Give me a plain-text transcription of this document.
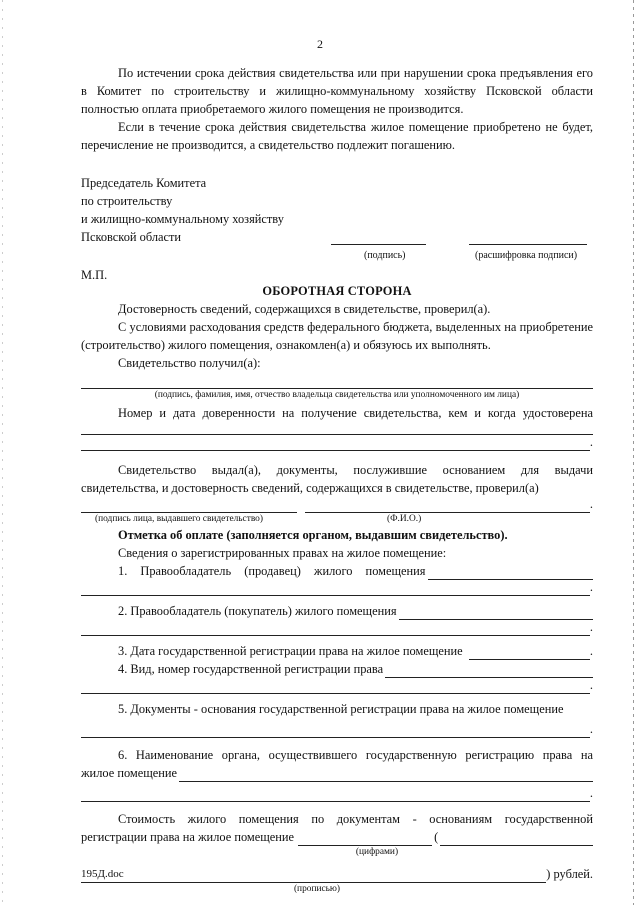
2

По истечении срока действия свидетельства или при нарушении срока предъявления его в Комитет по строительству и жилищно-коммунальному хозяйству Псковской области полностью оплата приобретаемого жилого помещения не производится.

Если в течение срока действия свидетельства жилое помещение приобретено не будет, перечисление не производится, а свидетельство подлежит погашению.

Председатель Комитета
по строительству
и жилищно-коммунальному хозяйству
Псковской области
(подпись)	(расшифровка подписи)
М.П.

ОБОРОТНАЯ СТОРОНА

Достоверность сведений, содержащихся в свидетельстве, проверил(а).

С условиями расходования средств федерального бюджета, выделенных на приобретение (строительство) жилого помещения, ознакомлен(а) и обязуюсь их выполнять.

Свидетельство получил(а):

(подпись, фамилия, имя, отчество владельца свидетельства или уполномоченного им лица)

Номер и дата доверенности на получение свидетельства, кем и когда удостоверена

.

Свидетельство выдал(а), документы, послужившие основанием для выдачи свидетельства, и достоверность сведений, содержащихся в свидетельстве, проверил(а)

.
(подпись лица, выдавшего свидетельство)	(Ф.И.О.)

Отметка об оплате (заполняется органом, выдавшим свидетельство).

Сведения о зарегистрированных правах на жилое помещение:

1. Правообладатель (продавец) жилого помещения
.
2. Правообладатель (покупатель) жилого помещения
.
3. Дата государственной регистрации права на жилое помещение	.
4. Вид, номер государственной регистрации права
.

5. Документы - основания государственной регистрации права на жилое помещение

.

6. Наименование органа, осуществившего государственную регистрацию права на

жилое помещение
.

Стоимость жилого помещения по документам - основаниям государственной

регистрации права на жилое помещение	(
(цифрами)
) рублей.
(прописью)
195Д.doc
